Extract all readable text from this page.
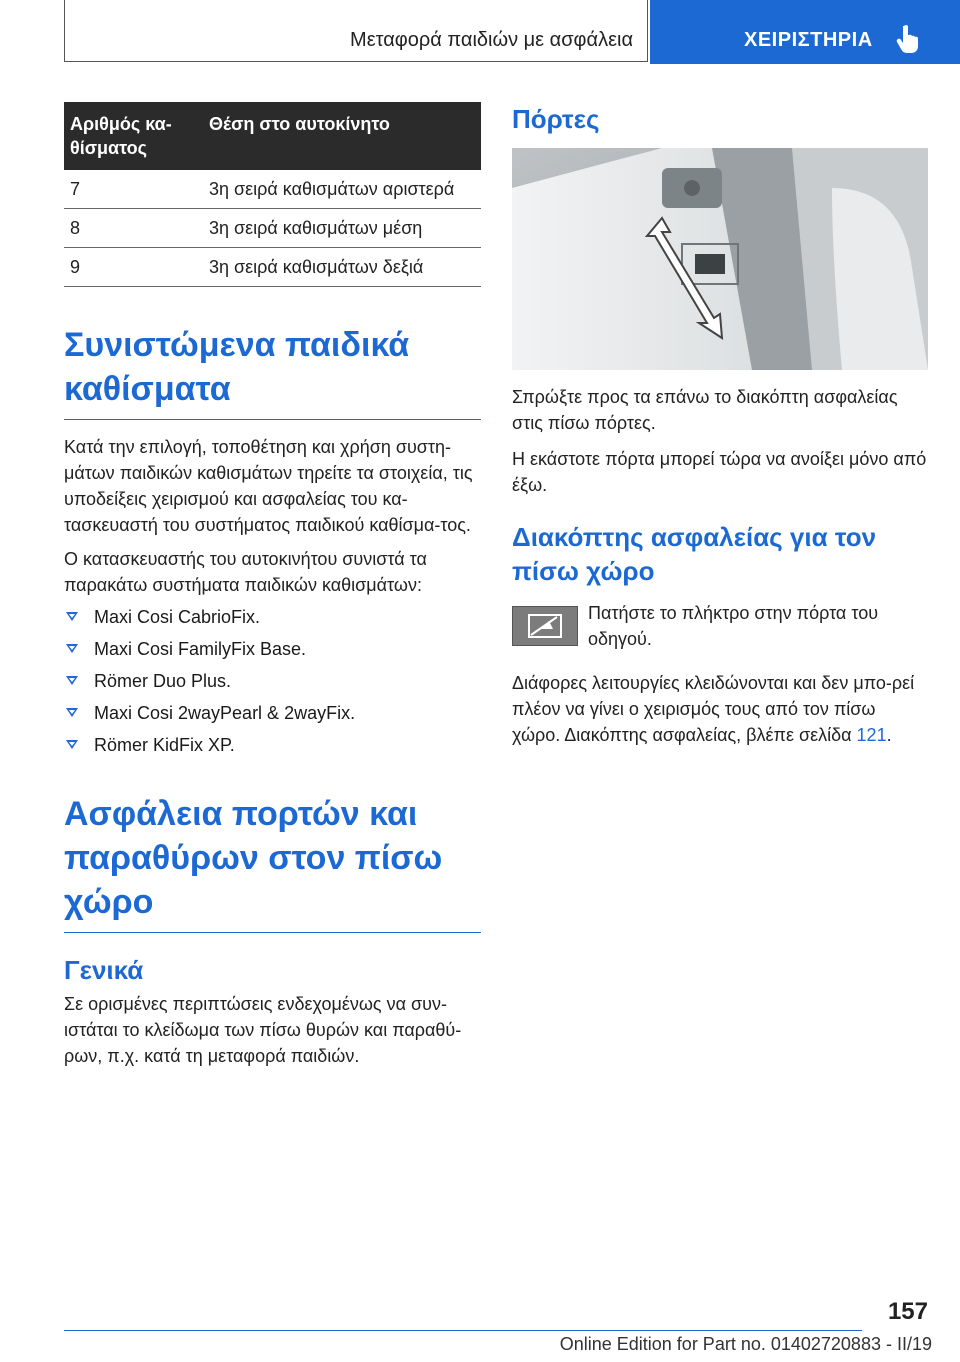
Μεταφορά παιδιών με ασφάλεια	ΧΕΙΡΙΣΤΗΡΙΑ
Αριθμός κα-
θίσματος	Θέση στο αυτοκίνητο
7	3η σειρά καθισμάτων αριστερά
8	3η σειρά καθισμάτων μέση
9	3η σειρά καθισμάτων δεξιά
Συνιστώμενα παιδικά καθίσματα

Κατά την επιλογή, τοποθέτηση και χρήση συστη-μάτων παιδικών καθισμάτων τηρείτε τα στοιχεία, τις υποδείξεις χειρισμού και ασφαλείας του κα-τασκευαστή του συστήματος παιδικού καθίσμα-τος.

Ο κατασκευαστής του αυτοκινήτου συνιστά τα παρακάτω συστήματα παιδικών καθισμάτων:

Maxi Cosi CabrioFix.
Maxi Cosi FamilyFix Base.
Römer Duo Plus.
Maxi Cosi 2wayPearl & 2wayFix.
Römer KidFix XP.
Ασφάλεια πορτών και παραθύρων στον πίσω χώρο
Γενικά

Σε ορισμένες περιπτώσεις ενδεχομένως να συν-ιστάται το κλείδωμα των πίσω θυρών και παραθύ-ρων, π.χ. κατά τη μεταφορά παιδιών.

Πόρτες

Σπρώξτε προς τα επάνω το διακόπτη ασφαλείας στις πίσω πόρτες.

Η εκάστοτε πόρτα μπορεί τώρα να ανοίξει μόνο από έξω.

Διακόπτης ασφαλείας για τον πίσω χώρο

Πατήστε το πλήκτρο στην πόρτα του οδηγού.

Διάφορες λειτουργίες κλειδώνονται και δεν μπο-ρεί πλέον να γίνει ο χειρισμός τους από τον πίσω χώρο. Διακόπτης ασφαλείας, βλέπε σελίδα 121.

157
Online Edition for Part no. 01402720883 - II/19
